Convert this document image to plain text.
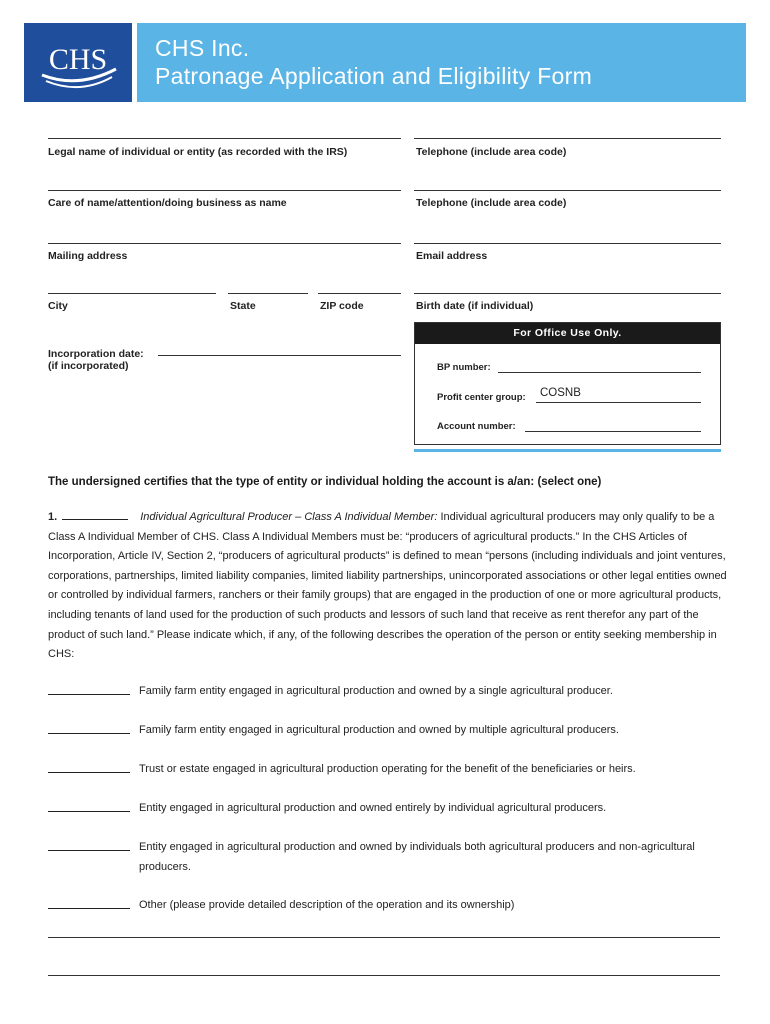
CHS CHS Inc.
Patronage Application and Eligibility Form
Legal name of individual or entity (as recorded with the IRS)	Telephone (include area code)
Care of name/attention/doing business as name	Telephone (include area code)
Mailing address	Email address
City	State	ZIP code	Birth date (if individual)
Incorporation date:
(if incorporated)
For Office Use Only.
BP number:
Profit center group: COSNB
Account number:
The undersigned certifies that the type of entity or individual holding the account is a/an: (select one)
1.	Individual Agricultural Producer – Class A Individual Member: Individual agricultural producers may only qualify to be a Class A Individual Member of CHS. Class A Individual Members must be: “producers of agricultural products.” In the CHS Articles of Incorporation, Article IV, Section 2, “producers of agricultural products” is defined to mean “persons (including individuals and joint ventures, corporations, partnerships, limited liability companies, limited liability partnerships, unincorporated associations or other legal entities owned or controlled by individual farmers, ranchers or their family groups) that are engaged in the production of one or more agricultural products, including tenants of land used for the production of such products and lessors of such land that receive as rent therefor any part of the product of such land.” Please indicate which, if any, of the following describes the operation of the person or entity seeking membership in CHS:
Family farm entity engaged in agricultural production and owned by a single agricultural producer.
Family farm entity engaged in agricultural production and owned by multiple agricultural producers.
Trust or estate engaged in agricultural production operating for the benefit of the beneficiaries or heirs.
Entity engaged in agricultural production and owned entirely by individual agricultural producers.
Entity engaged in agricultural production and owned by individuals both agricultural producers and non-agricultural producers.
Other (please provide detailed description of the operation and its ownership)
